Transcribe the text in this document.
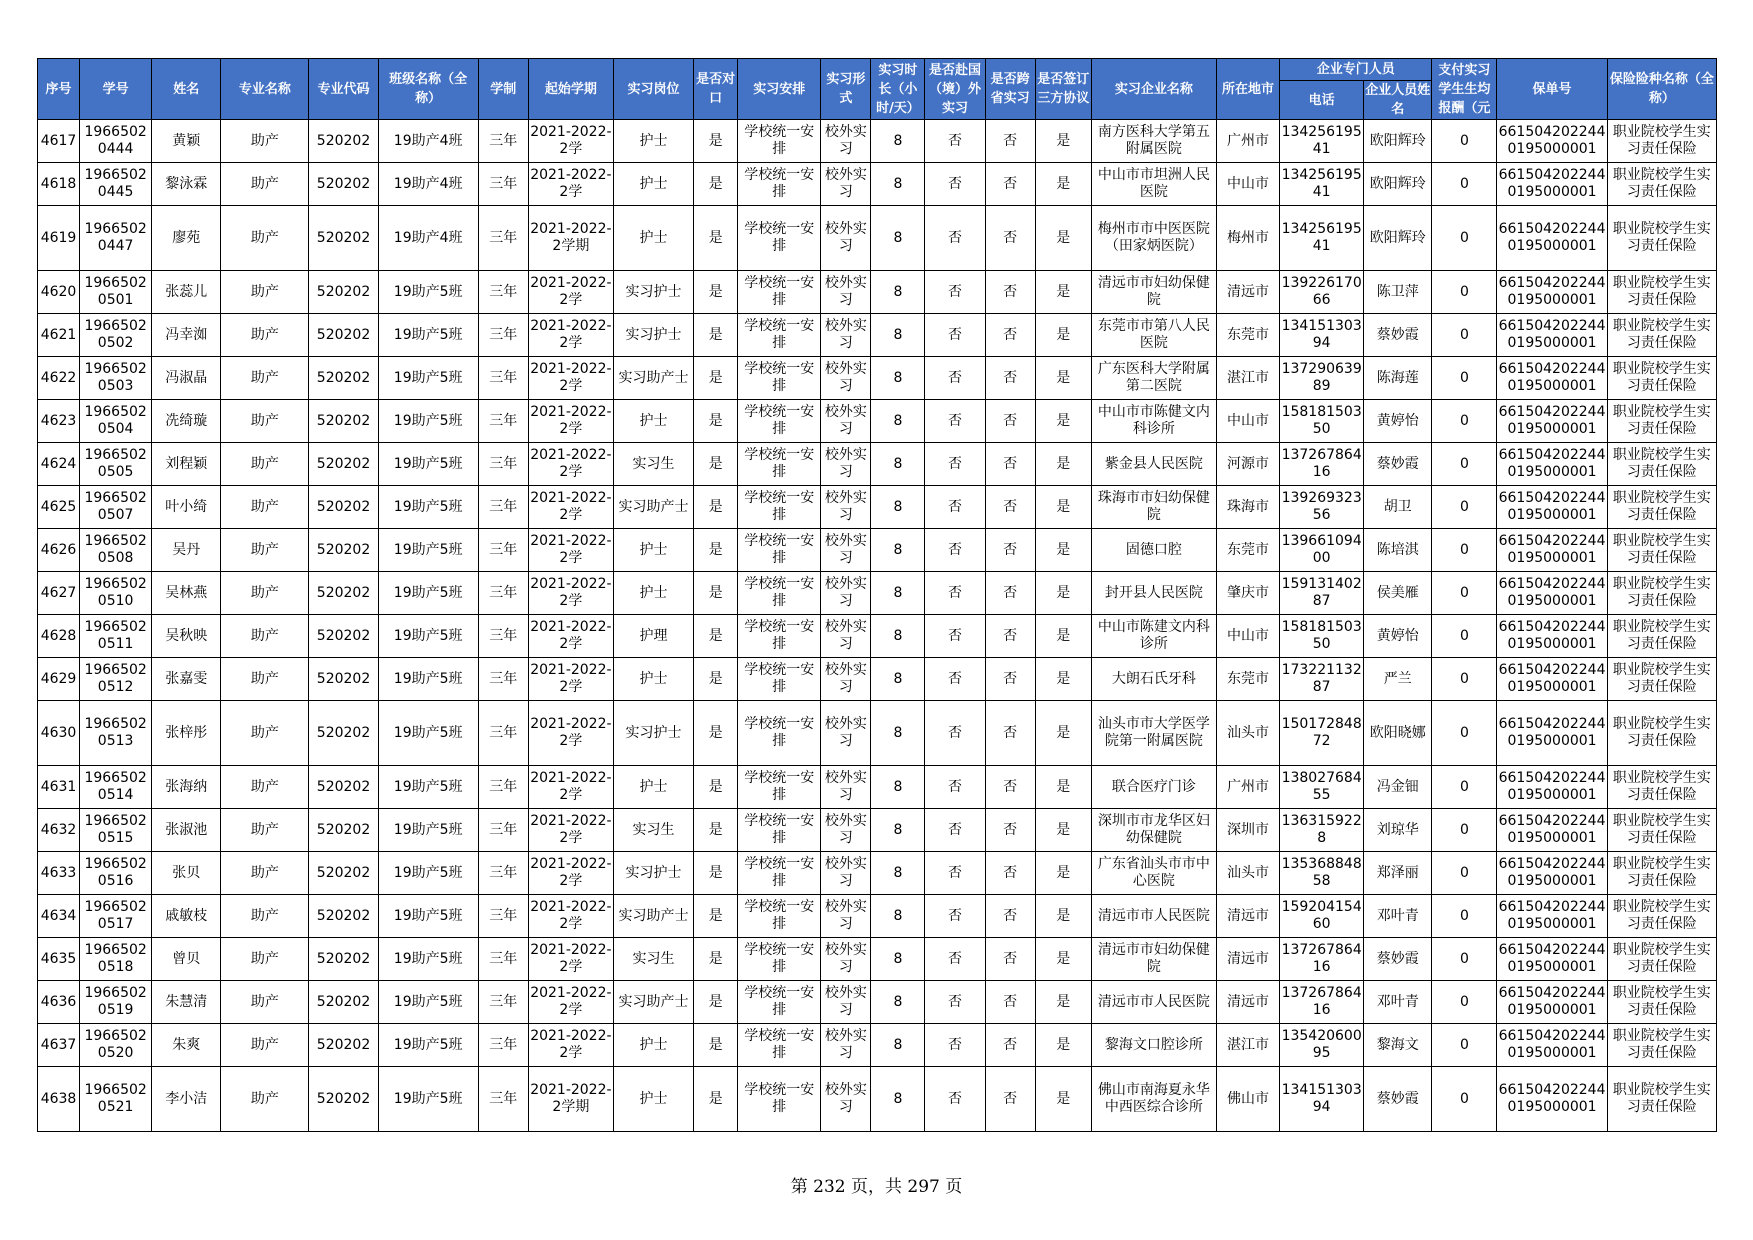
序号	学号	姓名	专业名称	专业代码	班级名称（全称）	学制	起始学期	实习岗位	是否对口	实习安排	实习形式	实习时长（小时/天）	是否赴国（境）外实习	是否跨省实习	是否签订三方协议	实习企业名称	所在地市	企业专门人员		支付实习学生生均报酬（元	保单号	保险险种名称（全称）
																		电话	企业人员姓名			
4617	19665020444	黄颖	助产	520202	19助产4班	三年	2021-2022-2学	护士	是	学校统一安排	校外实习	8	否	否	是	南方医科大学第五附属医院	广州市	13425619541	欧阳辉玲	0	6615042022440195000001	职业院校学生实习责任保险
4618	19665020445	黎泳霖	助产	520202	19助产4班	三年	2021-2022-2学	护士	是	学校统一安排	校外实习	8	否	否	是	中山市市坦洲人民医院	中山市	13425619541	欧阳辉玲	0	6615042022440195000001	职业院校学生实习责任保险
4619	19665020447	廖苑	助产	520202	19助产4班	三年	2021-2022-2学期	护士	是	学校统一安排	校外实习	8	否	否	是	梅州市市中医医院（田家炳医院）	梅州市	13425619541	欧阳辉玲	0	6615042022440195000001	职业院校学生实习责任保险
4620	19665020501	张蕊儿	助产	520202	19助产5班	三年	2021-2022-2学	实习护士	是	学校统一安排	校外实习	8	否	否	是	清远市市妇幼保健院	清远市	13922617066	陈卫萍	0	6615042022440195000001	职业院校学生实习责任保险
4621	19665020502	冯幸洳	助产	520202	19助产5班	三年	2021-2022-2学	实习护士	是	学校统一安排	校外实习	8	否	否	是	东莞市市第八人民医院	东莞市	13415130394	蔡妙霞	0	6615042022440195000001	职业院校学生实习责任保险
4622	19665020503	冯淑晶	助产	520202	19助产5班	三年	2021-2022-2学	实习助产士	是	学校统一安排	校外实习	8	否	否	是	广东医科大学附属第二医院	湛江市	13729063989	陈海莲	0	6615042022440195000001	职业院校学生实习责任保险
4623	19665020504	冼绮璇	助产	520202	19助产5班	三年	2021-2022-2学	护士	是	学校统一安排	校外实习	8	否	否	是	中山市市陈健文内科诊所	中山市	15818150350	黄婷怡	0	6615042022440195000001	职业院校学生实习责任保险
4624	19665020505	刘程颖	助产	520202	19助产5班	三年	2021-2022-2学	实习生	是	学校统一安排	校外实习	8	否	否	是	紫金县人民医院	河源市	13726786416	蔡妙霞	0	6615042022440195000001	职业院校学生实习责任保险
4625	19665020507	叶小绮	助产	520202	19助产5班	三年	2021-2022-2学	实习助产士	是	学校统一安排	校外实习	8	否	否	是	珠海市市妇幼保健院	珠海市	13926932356	胡卫	0	6615042022440195000001	职业院校学生实习责任保险
4626	19665020508	吴丹	助产	520202	19助产5班	三年	2021-2022-2学	护士	是	学校统一安排	校外实习	8	否	否	是	固德口腔	东莞市	13966109400	陈培淇	0	6615042022440195000001	职业院校学生实习责任保险
4627	19665020510	吴林燕	助产	520202	19助产5班	三年	2021-2022-2学	护士	是	学校统一安排	校外实习	8	否	否	是	封开县人民医院	肇庆市	15913140287	侯美雁	0	6615042022440195000001	职业院校学生实习责任保险
4628	19665020511	吴秋映	助产	520202	19助产5班	三年	2021-2022-2学	护理	是	学校统一安排	校外实习	8	否	否	是	中山市陈建文内科诊所	中山市	15818150350	黄婷怡	0	6615042022440195000001	职业院校学生实习责任保险
4629	19665020512	张嘉雯	助产	520202	19助产5班	三年	2021-2022-2学	护士	是	学校统一安排	校外实习	8	否	否	是	大朗石氏牙科	东莞市	17322113287	严兰	0	6615042022440195000001	职业院校学生实习责任保险
4630	19665020513	张梓彤	助产	520202	19助产5班	三年	2021-2022-2学	实习护士	是	学校统一安排	校外实习	8	否	否	是	汕头市市大学医学院第一附属医院	汕头市	15017284872	欧阳晓娜	0	6615042022440195000001	职业院校学生实习责任保险
4631	19665020514	张海纳	助产	520202	19助产5班	三年	2021-2022-2学	护士	是	学校统一安排	校外实习	8	否	否	是	联合医疗门诊	广州市	13802768455	冯金钿	0	6615042022440195000001	职业院校学生实习责任保险
4632	19665020515	张淑池	助产	520202	19助产5班	三年	2021-2022-2学	实习生	是	学校统一安排	校外实习	8	否	否	是	深圳市市龙华区妇幼保健院	深圳市	1363159228	刘琼华	0	6615042022440195000001	职业院校学生实习责任保险
4633	19665020516	张贝	助产	520202	19助产5班	三年	2021-2022-2学	实习护士	是	学校统一安排	校外实习	8	否	否	是	广东省汕头市市中心医院	汕头市	13536884858	郑泽丽	0	6615042022440195000001	职业院校学生实习责任保险
4634	19665020517	戚敏枝	助产	520202	19助产5班	三年	2021-2022-2学	实习助产士	是	学校统一安排	校外实习	8	否	否	是	清远市市人民医院	清远市	15920415460	邓叶青	0	6615042022440195000001	职业院校学生实习责任保险
4635	19665020518	曾贝	助产	520202	19助产5班	三年	2021-2022-2学	实习生	是	学校统一安排	校外实习	8	否	否	是	清远市市妇幼保健院	清远市	13726786416	蔡妙霞	0	6615042022440195000001	职业院校学生实习责任保险
4636	19665020519	朱慧清	助产	520202	19助产5班	三年	2021-2022-2学	实习助产士	是	学校统一安排	校外实习	8	否	否	是	清远市市人民医院	清远市	13726786416	邓叶青	0	6615042022440195000001	职业院校学生实习责任保险
4637	19665020520	朱爽	助产	520202	19助产5班	三年	2021-2022-2学	护士	是	学校统一安排	校外实习	8	否	否	是	黎海文口腔诊所	湛江市	13542060095	黎海文	0	6615042022440195000001	职业院校学生实习责任保险
4638	19665020521	李小洁	助产	520202	19助产5班	三年	2021-2022-2学期	护士	是	学校统一安排	校外实习	8	否	否	是	佛山市南海夏永华中西医综合诊所	佛山市	13415130394	蔡妙霞	0	6615042022440195000001	职业院校学生实习责任保险
第 232 页，共 297 页
